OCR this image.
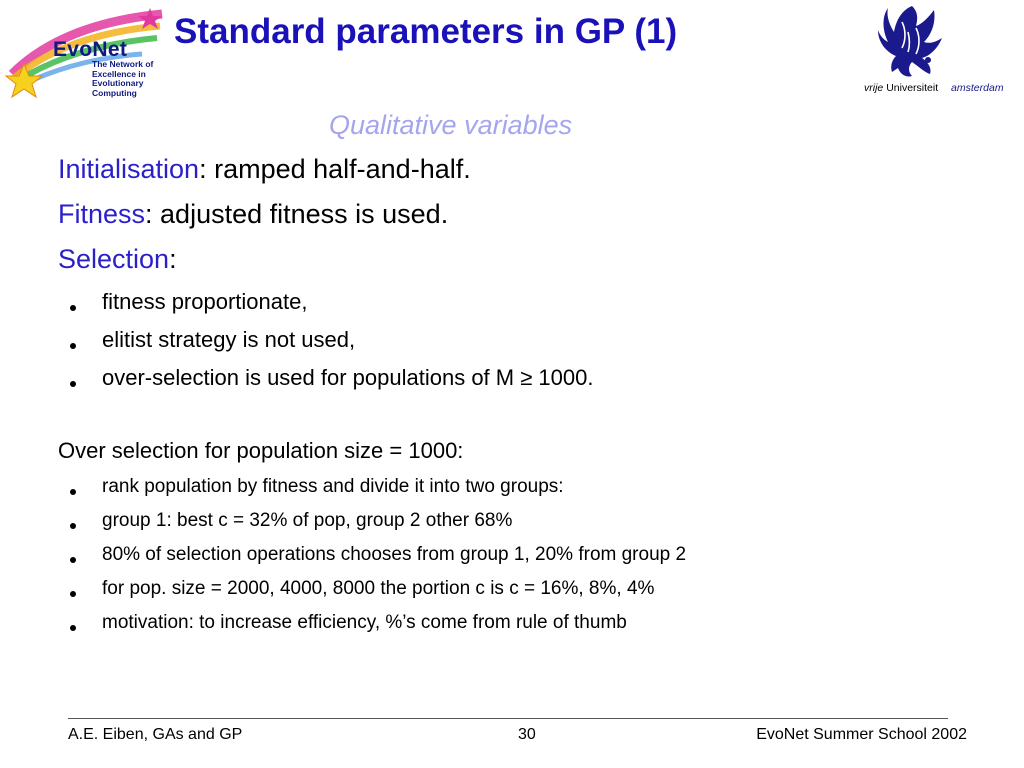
EvoNet
The Network of
Excellence in
Evolutionary
Computing
Standard parameters in GP (1)
vrije Universiteit amsterdam
Qualitative variables
Initialisation: ramped half-and-half.
Fitness: adjusted fitness is used.
Selection:
fitness proportionate,
elitist strategy is not used,
over-selection is used for populations of M ≥ 1000.
Over selection for population size = 1000:
rank population by fitness and divide it into two groups:
group 1: best c = 32% of pop, group 2 other 68%
80% of selection operations chooses from group 1, 20% from group 2
for pop. size = 2000, 4000, 8000 the portion c is c = 16%, 8%, 4%
motivation: to increase efficiency, %’s come from rule of thumb
A.E. Eiben, GAs and GP	30	EvoNet Summer School 2002
